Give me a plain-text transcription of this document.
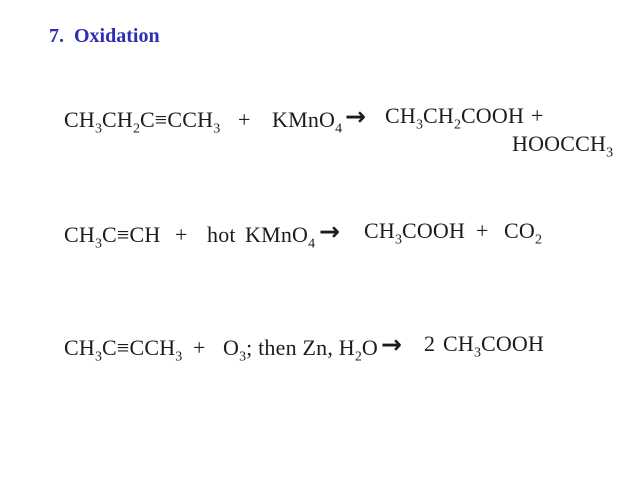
7.  Oxidation
$CH_3CH_2C\equiv CCH_3$ + KMnO$_4$ → $CH_3CH_2COOH$ +
$HOOCCH_3$
$CH_3C\equiv CH$ + hot KMnO$_4$ → $CH_3COOH + CO_2$
$CH_3C\equiv CCH_3 + O_3$; then Zn, $H_2O \to 2$ $CH_3COOH$
